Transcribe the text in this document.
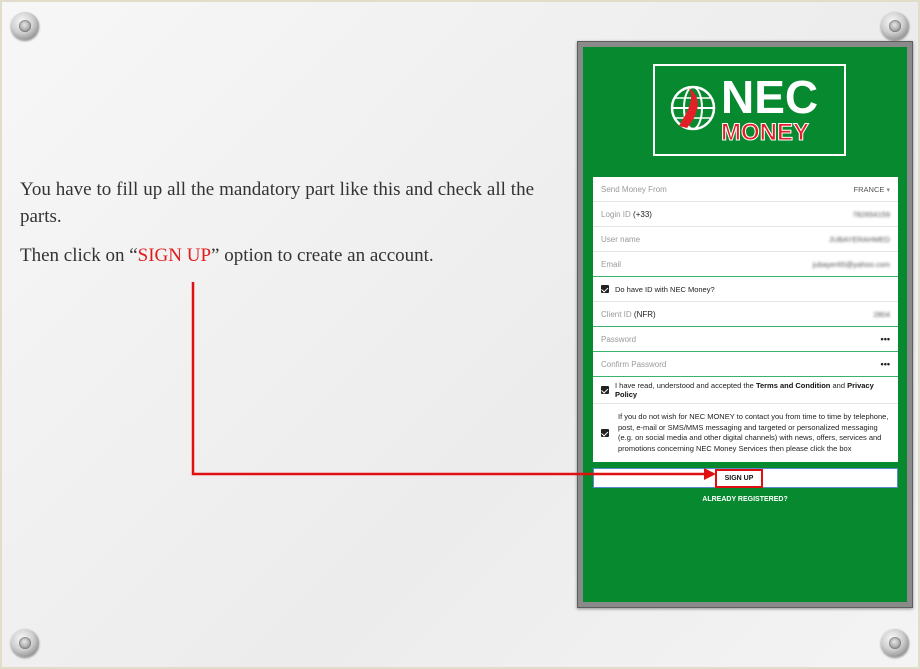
You have to fill up all the mandatory part like this and check all the parts.

Then click on “SIGN UP” option to create an account.

NEC
MONEY
Send Money From	FRANCE ▾
Login ID (+33)	782654159
User name	JUBAYERAHMED
Email	jubayer65@yahoo.com
Do have ID with NEC Money?
Client ID (NFR)	2804
Password	•••
Confirm Password	•••
I have read, understood and accepted the Terms and Condition and Privacy Policy
If you do not wish for NEC MONEY to contact you from time to time by telephone, post, e-mail or SMS/MMS messaging and targeted or personalized messaging (e.g. on social media and other digital channels) with news, offers, services and promotions concerning NEC Money Services then please click the box
SIGN UP
ALREADY REGISTERED?
